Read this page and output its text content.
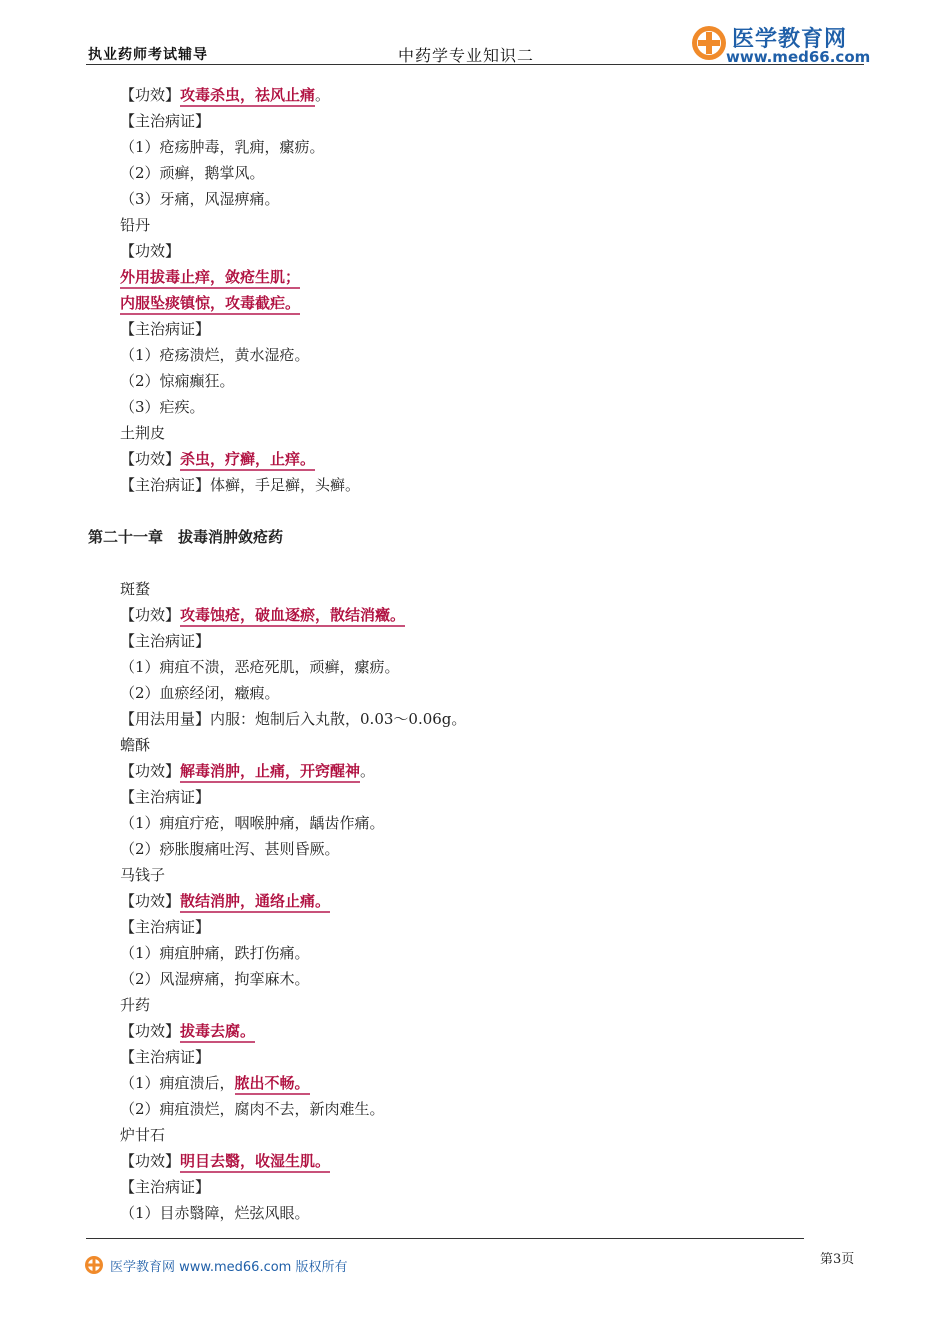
执业药师考试辅导	中药学专业知识二
医学教育网
www.med66.com
【功效】攻毒杀虫，祛风止痛。
【主治病证】
（1）疮疡肿毒，乳痈，瘰疬。
（2）顽癣，鹅掌风。
（3）牙痛，风湿痹痛。
铅丹
【功效】
外用拔毒止痒，敛疮生肌；
内服坠痰镇惊，攻毒截疟。
【主治病证】
（1）疮疡溃烂，黄水湿疮。
（2）惊痫癫狂。
（3）疟疾。
土荆皮
【功效】杀虫，疗癣，止痒。
【主治病证】体癣，手足癣，头癣。
第二十一章　拔毒消肿敛疮药
斑蝥
【功效】攻毒蚀疮，破血逐瘀，散结消癥。
【主治病证】
（1）痈疽不溃，恶疮死肌，顽癣，瘰疬。
（2）血瘀经闭，癥瘕。
【用法用量】内服：炮制后入丸散，0.03～0.06g。
蟾酥
【功效】解毒消肿，止痛，开窍醒神。
【主治病证】
（1）痈疽疔疮，咽喉肿痛，龋齿作痛。
（2）痧胀腹痛吐泻、甚则昏厥。
马钱子
【功效】散结消肿，通络止痛。
【主治病证】
（1）痈疽肿痛，跌打伤痛。
（2）风湿痹痛，拘挛麻木。
升药
【功效】拔毒去腐。
【主治病证】
（1）痈疽溃后，脓出不畅。
（2）痈疽溃烂，腐肉不去，新肉难生。
炉甘石
【功效】明目去翳，收湿生肌。
【主治病证】
（1）目赤翳障，烂弦风眼。
医学教育网 www.med66.com 版权所有
第3页
